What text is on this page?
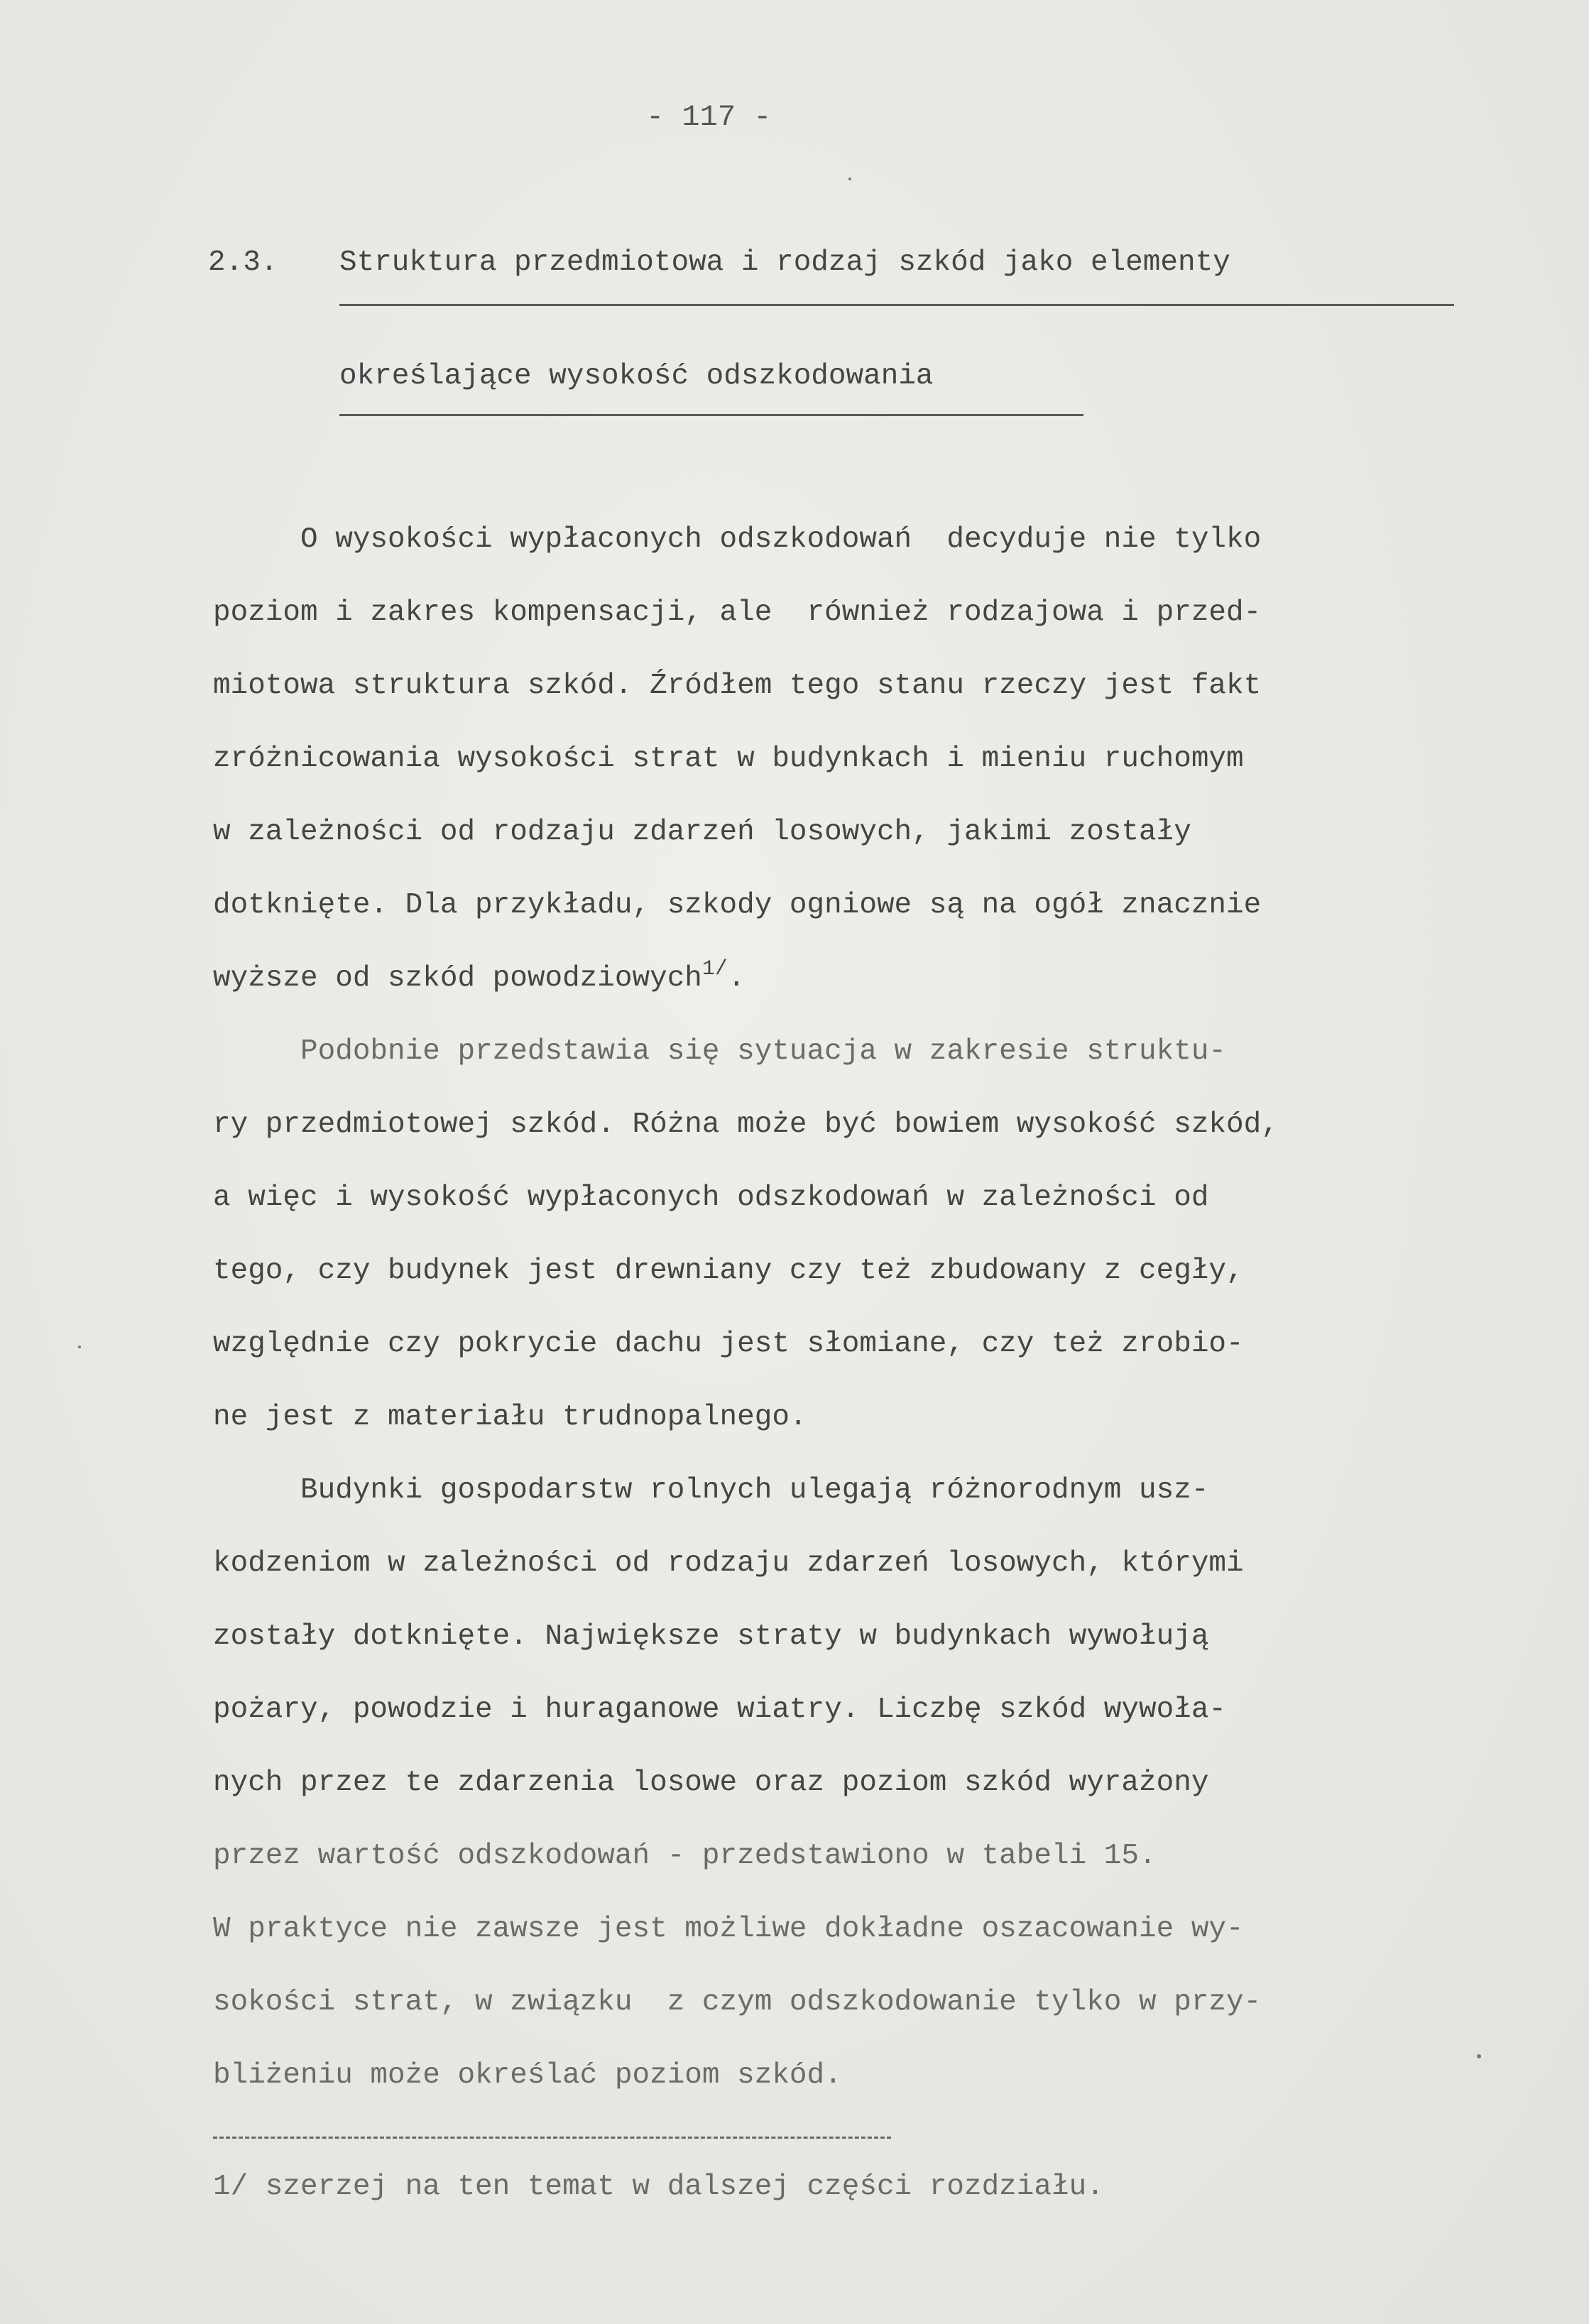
- 117 -
2.3. Struktura przedmiotowa i rodzaj szkód jako elementy
określające wysokość odszkodowania
O wysokości wypłaconych odszkodowań  decyduje nie tylko
poziom i zakres kompensacji, ale  również rodzajowa i przed-
miotowa struktura szkód. Źródłem tego stanu rzeczy jest fakt
zróżnicowania wysokości strat w budynkach i mieniu ruchomym
w zależności od rodzaju zdarzeń losowych, jakimi zostały
dotknięte. Dla przykładu, szkody ogniowe są na ogół znacznie
wyższe od szkód powodziowych$^{1/}$.
Podobnie przedstawia się sytuacja w zakresie struktu-
ry przedmiotowej szkód. Różna może być bowiem wysokość szkód,
a więc i wysokość wypłaconych odszkodowań w zależności od
tego, czy budynek jest drewniany czy też zbudowany z cegły,
względnie czy pokrycie dachu jest słomiane, czy też zrobio-
ne jest z materiału trudnopalnego.
Budynki gospodarstw rolnych ulegają różnorodnym usz-
kodzeniom w zależności od rodzaju zdarzeń losowych, którymi
zostały dotknięte. Największe straty w budynkach wywołują
pożary, powodzie i huraganowe wiatry. Liczbę szkód wywoła-
nych przez te zdarzenia losowe oraz poziom szkód wyrażony
przez wartość odszkodowań - przedstawiono w tabeli 15.
W praktyce nie zawsze jest możliwe dokładne oszacowanie wy-
sokości strat, w związku  z czym odszkodowanie tylko w przy-
bliżeniu może określać poziom szkód.
1/ szerzej na ten temat w dalszej części rozdziału.
